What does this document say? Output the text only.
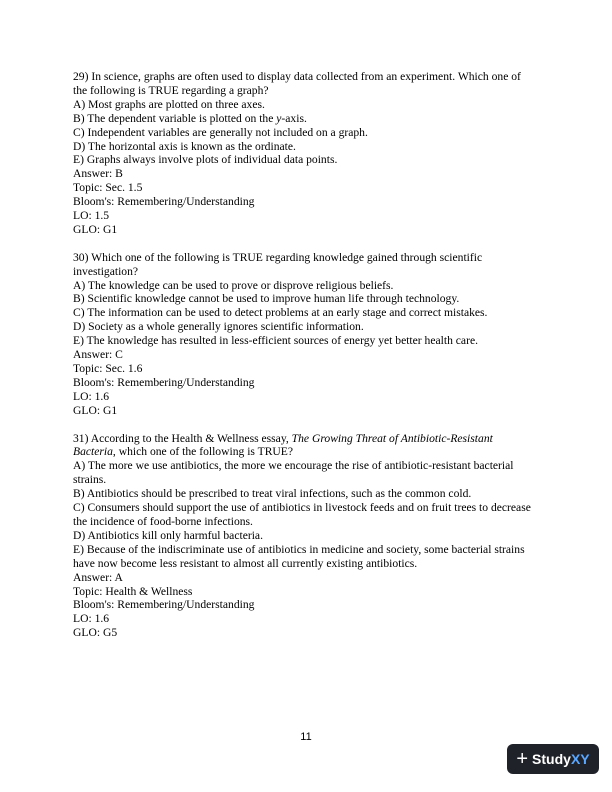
29) In science, graphs are often used to display data collected from an experiment. Which one of
the following is TRUE regarding a graph?
A) Most graphs are plotted on three axes.
B) The dependent variable is plotted on the y-axis.
C) Independent variables are generally not included on a graph.
D) The horizontal axis is known as the ordinate.
E) Graphs always involve plots of individual data points.
Answer: B
Topic: Sec. 1.5
Bloom's: Remembering/Understanding
LO: 1.5
GLO: G1
30) Which one of the following is TRUE regarding knowledge gained through scientific
investigation?
A) The knowledge can be used to prove or disprove religious beliefs.
B) Scientific knowledge cannot be used to improve human life through technology.
C) The information can be used to detect problems at an early stage and correct mistakes.
D) Society as a whole generally ignores scientific information.
E) The knowledge has resulted in less-efficient sources of energy yet better health care.
Answer: C
Topic: Sec. 1.6
Bloom's: Remembering/Understanding
LO: 1.6
GLO: G1
31) According to the Health & Wellness essay, The Growing Threat of Antibiotic-Resistant
Bacteria, which one of the following is TRUE?
A) The more we use antibiotics, the more we encourage the rise of antibiotic-resistant bacterial strains.
B) Antibiotics should be prescribed to treat viral infections, such as the common cold.
C) Consumers should support the use of antibiotics in livestock feeds and on fruit trees to decrease the incidence of food-borne infections.
D) Antibiotics kill only harmful bacteria.
E) Because of the indiscriminate use of antibiotics in medicine and society, some bacterial strains have now become less resistant to almost all currently existing antibiotics.
Answer: A
Topic: Health & Wellness
Bloom's: Remembering/Understanding
LO: 1.6
GLO: G5
11
+ Study XY
